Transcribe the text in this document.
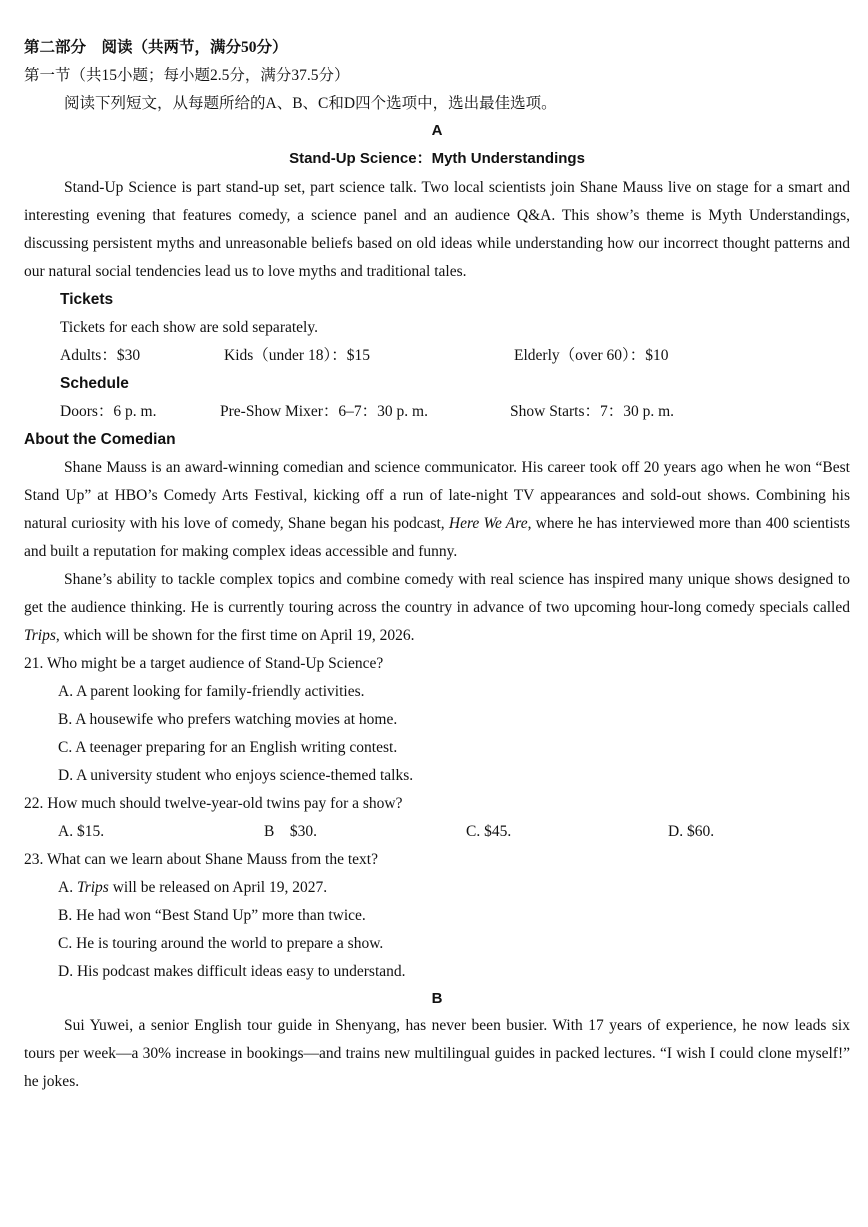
第二部分　阅读（共两节，满分50分）
第一节（共15小题；每小题2.5分，满分37.5分）
阅读下列短文，从每题所给的A、B、C和D四个选项中，选出最佳选项。
A
Stand-Up Science：Myth Understandings
Stand-Up Science is part stand-up set, part science talk. Two local scientists join Shane Mauss live on stage for a smart and interesting evening that features comedy, a science panel and an audience Q&A. This show’s theme is Myth Understandings, discussing persistent myths and unreasonable beliefs based on old ideas while understanding how our incorrect thought patterns and our natural social tendencies lead us to love myths and traditional tales.
Tickets
Tickets for each show are sold separately.
Adults：$30	Kids（under 18）：$15	Elderly（over 60）：$10
Schedule
Doors：6 p. m.	Pre-Show Mixer：6–7：30 p. m.	Show Starts：7：30 p. m.
About the Comedian
Shane Mauss is an award-winning comedian and science communicator. His career took off 20 years ago when he won “Best Stand Up” at HBO’s Comedy Arts Festival, kicking off a run of late-night TV appearances and sold-out shows. Combining his natural curiosity with his love of comedy, Shane began his podcast, Here We Are, where he has interviewed more than 400 scientists and built a reputation for making complex ideas accessible and funny.
Shane’s ability to tackle complex topics and combine comedy with real science has inspired many unique shows designed to get the audience thinking. He is currently touring across the country in advance of two upcoming hour-long comedy specials called Trips, which will be shown for the first time on April 19, 2026.
21. Who might be a target audience of Stand-Up Science?
A. A parent looking for family-friendly activities.
B. A housewife who prefers watching movies at home.
C. A teenager preparing for an English writing contest.
D. A university student who enjoys science-themed talks.
22. How much should twelve-year-old twins pay for a show?
A. $15.	B　$30.	C. $45.	D. $60.
23. What can we learn about Shane Mauss from the text?
A. Trips will be released on April 19, 2027.
B. He had won “Best Stand Up” more than twice.
C. He is touring around the world to prepare a show.
D. His podcast makes difficult ideas easy to understand.
B
Sui Yuwei, a senior English tour guide in Shenyang, has never been busier. With 17 years of experience, he now leads six tours per week—a 30% increase in bookings—and trains new multilingual guides in packed lectures. “I wish I could clone myself!” he jokes.
